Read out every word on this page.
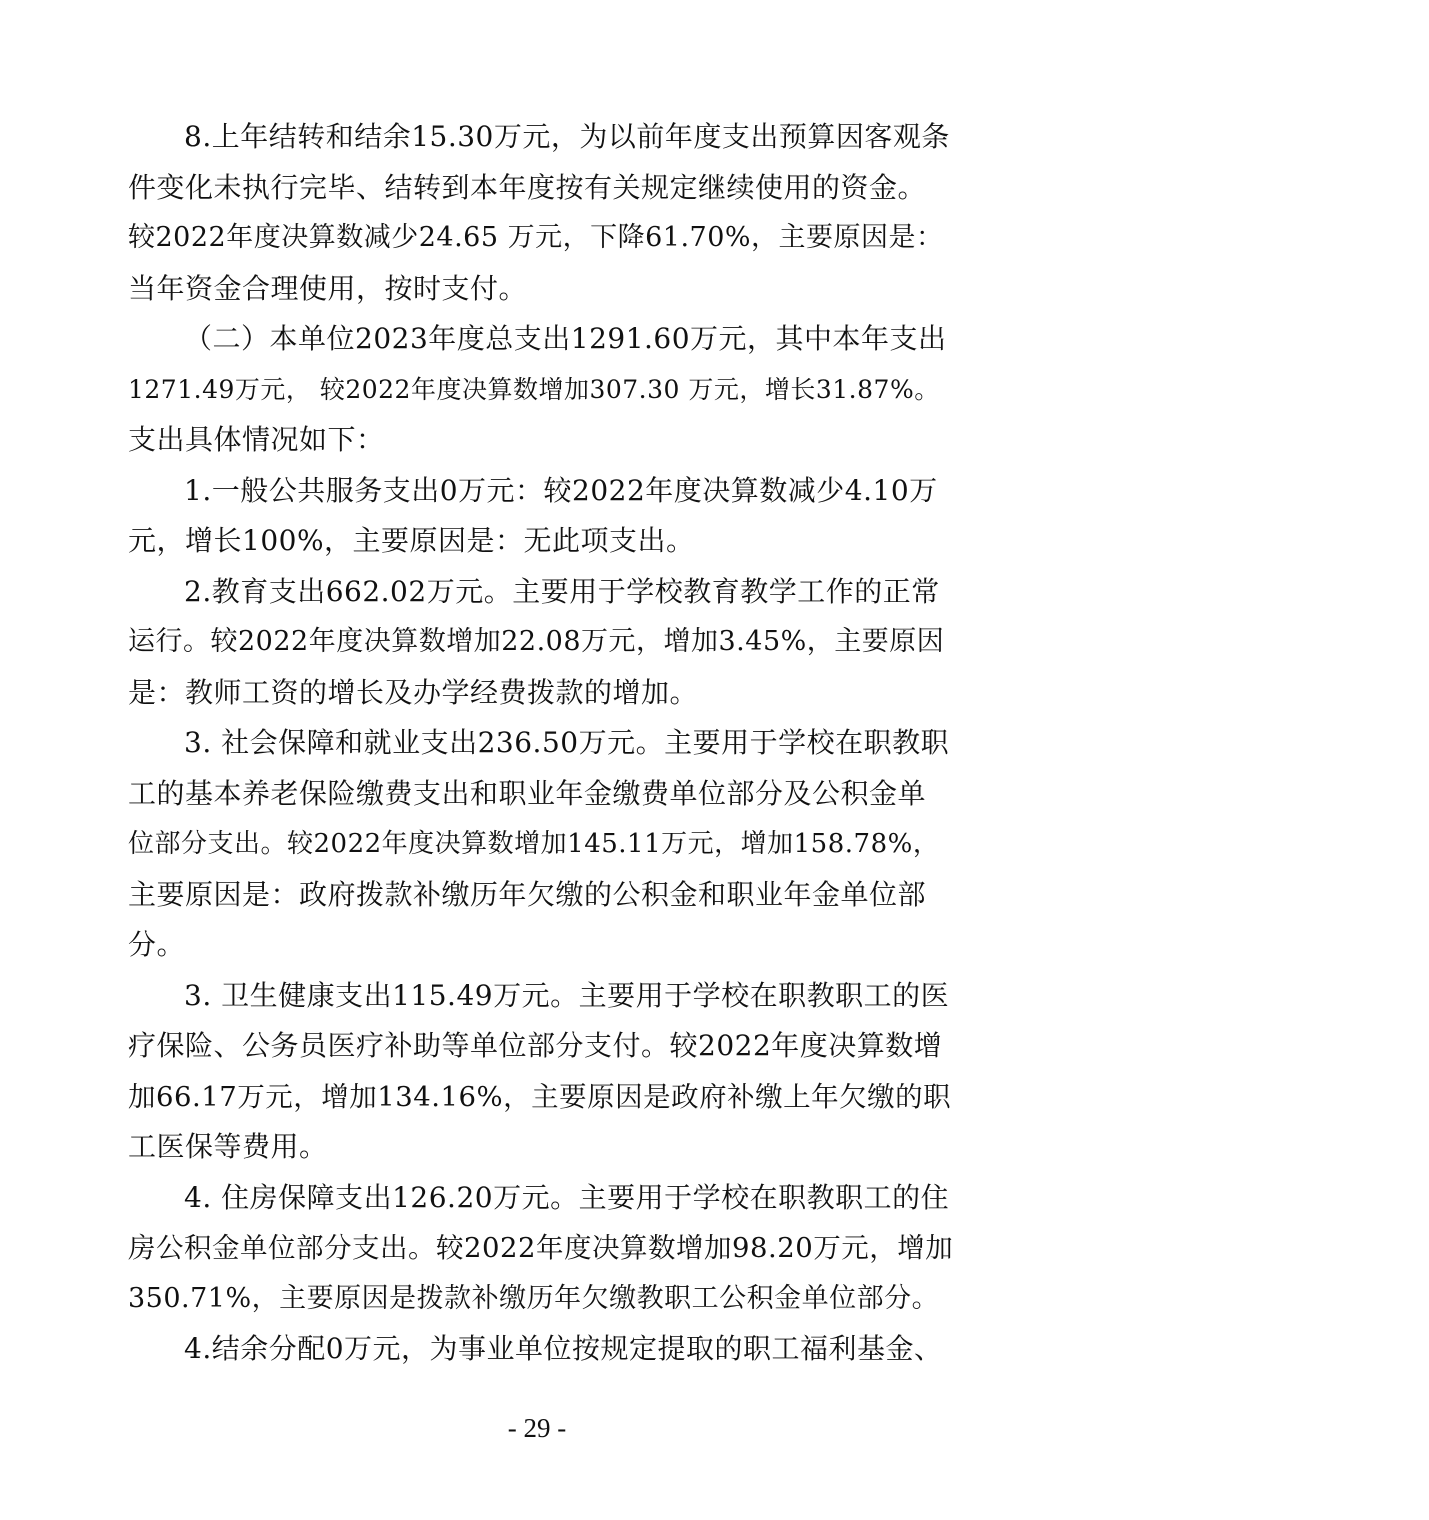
8.上年结转和结余15.30万元，为以前年度支出预算因客观条
件变化未执行完毕、结转到本年度按有关规定继续使用的资金。
较2022年度决算数减少24.65 万元，下降61.70%，主要原因是：
当年资金合理使用，按时支付。
（二）本单位2023年度总支出1291.60万元，其中本年支出
1271.49万元， 较2022年度决算数增加307.30 万元，增长31.87%。
支出具体情况如下：
1.一般公共服务支出0万元：较2022年度决算数减少4.10万
元，增长100%，主要原因是：无此项支出。
2.教育支出662.02万元。主要用于学校教育教学工作的正常
运行。较2022年度决算数增加22.08万元，增加3.45%，主要原因
是：教师工资的增长及办学经费拨款的增加。
3. 社会保障和就业支出236.50万元。主要用于学校在职教职
工的基本养老保险缴费支出和职业年金缴费单位部分及公积金单
位部分支出。较2022年度决算数增加145.11万元，增加158.78%，
主要原因是：政府拨款补缴历年欠缴的公积金和职业年金单位部
分。
3. 卫生健康支出115.49万元。主要用于学校在职教职工的医
疗保险、公务员医疗补助等单位部分支付。较2022年度决算数增
加66.17万元，增加134.16%，主要原因是政府补缴上年欠缴的职
工医保等费用。
4. 住房保障支出126.20万元。主要用于学校在职教职工的住
房公积金单位部分支出。较2022年度决算数增加98.20万元，增加
350.71%，主要原因是拨款补缴历年欠缴教职工公积金单位部分。
4.结余分配0万元，为事业单位按规定提取的职工福利基金、
- 29 -
